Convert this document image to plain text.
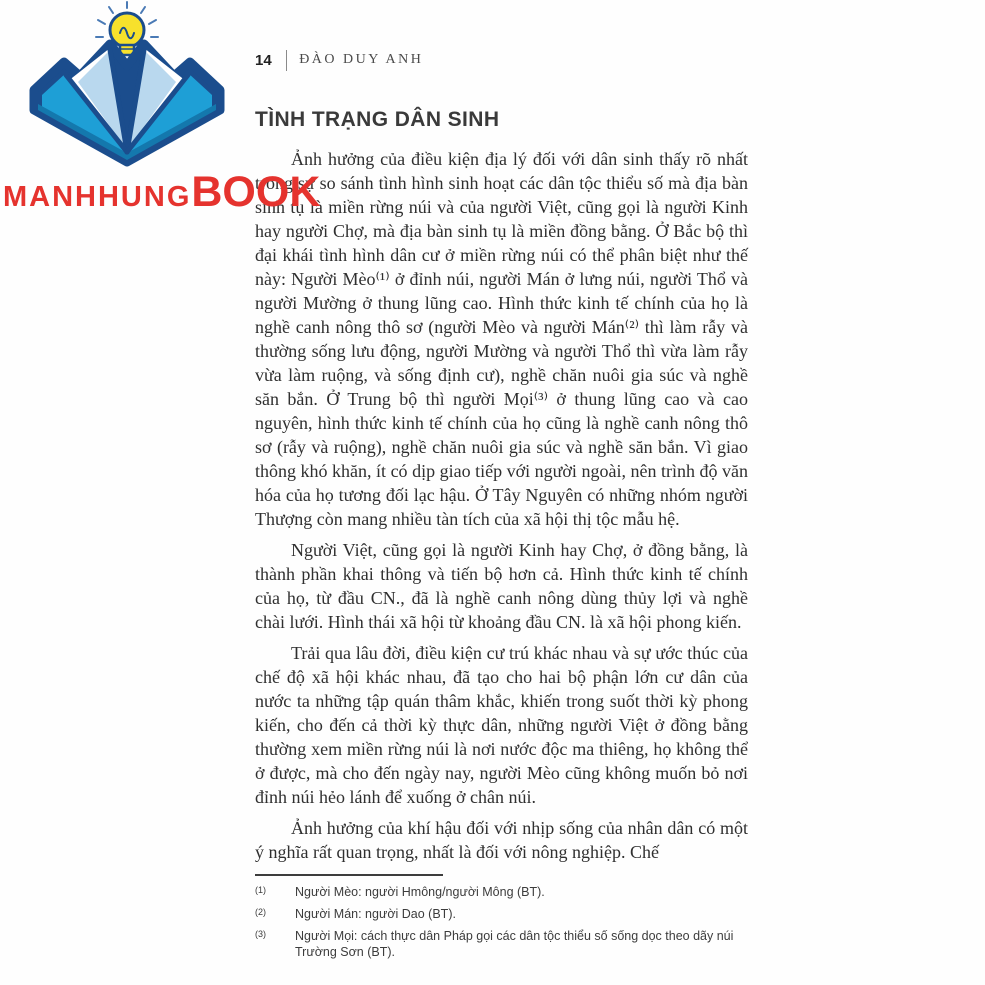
MANHHUNG BOOK
14 ĐÀO DUY ANH
TÌNH TRẠNG DÂN SINH

Ảnh hưởng của điều kiện địa lý đối với dân sinh thấy rõ nhất trong sự so sánh tình hình sinh hoạt các dân tộc thiểu số mà địa bàn sinh tụ là miền rừng núi và của người Việt, cũng gọi là người Kinh hay người Chợ, mà địa bàn sinh tụ là miền đồng bằng. Ở Bắc bộ thì đại khái tình hình dân cư ở miền rừng núi có thể phân biệt như thế này: Người Mèo⁽¹⁾ ở đỉnh núi, người Mán ở lưng núi, người Thổ và người Mường ở thung lũng cao. Hình thức kinh tế chính của họ là nghề canh nông thô sơ (người Mèo và người Mán⁽²⁾ thì làm rẫy và thường sống lưu động, người Mường và người Thổ thì vừa làm rẫy vừa làm ruộng, và sống định cư), nghề chăn nuôi gia súc và nghề săn bắn. Ở Trung bộ thì người Mọi⁽³⁾ ở thung lũng cao và cao nguyên, hình thức kinh tế chính của họ cũng là nghề canh nông thô sơ (rẫy và ruộng), nghề chăn nuôi gia súc và nghề săn bắn. Vì giao thông khó khăn, ít có dịp giao tiếp với người ngoài, nên trình độ văn hóa của họ tương đối lạc hậu. Ở Tây Nguyên có những nhóm người Thượng còn mang nhiều tàn tích của xã hội thị tộc mẫu hệ.

Người Việt, cũng gọi là người Kinh hay Chợ, ở đồng bằng, là thành phần khai thông và tiến bộ hơn cả. Hình thức kinh tế chính của họ, từ đầu CN., đã là nghề canh nông dùng thủy lợi và nghề chài lưới. Hình thái xã hội từ khoảng đầu CN. là xã hội phong kiến.

Trải qua lâu đời, điều kiện cư trú khác nhau và sự ước thúc của chế độ xã hội khác nhau, đã tạo cho hai bộ phận lớn cư dân của nước ta những tập quán thâm khắc, khiến trong suốt thời kỳ phong kiến, cho đến cả thời kỳ thực dân, những người Việt ở đồng bằng thường xem miền rừng núi là nơi nước độc ma thiêng, họ không thể ở được, mà cho đến ngày nay, người Mèo cũng không muốn bỏ nơi đỉnh núi hẻo lánh để xuống ở chân núi.

Ảnh hưởng của khí hậu đối với nhịp sống của nhân dân có một ý nghĩa rất quan trọng, nhất là đối với nông nghiệp. Chế

(1)	Người Mèo: người Hmông/người Mông (BT).
(2)	Người Mán: người Dao (BT).
(3)	Người Mọi: cách thực dân Pháp gọi các dân tộc thiểu số sống dọc theo dãy núi Trường Sơn (BT).
